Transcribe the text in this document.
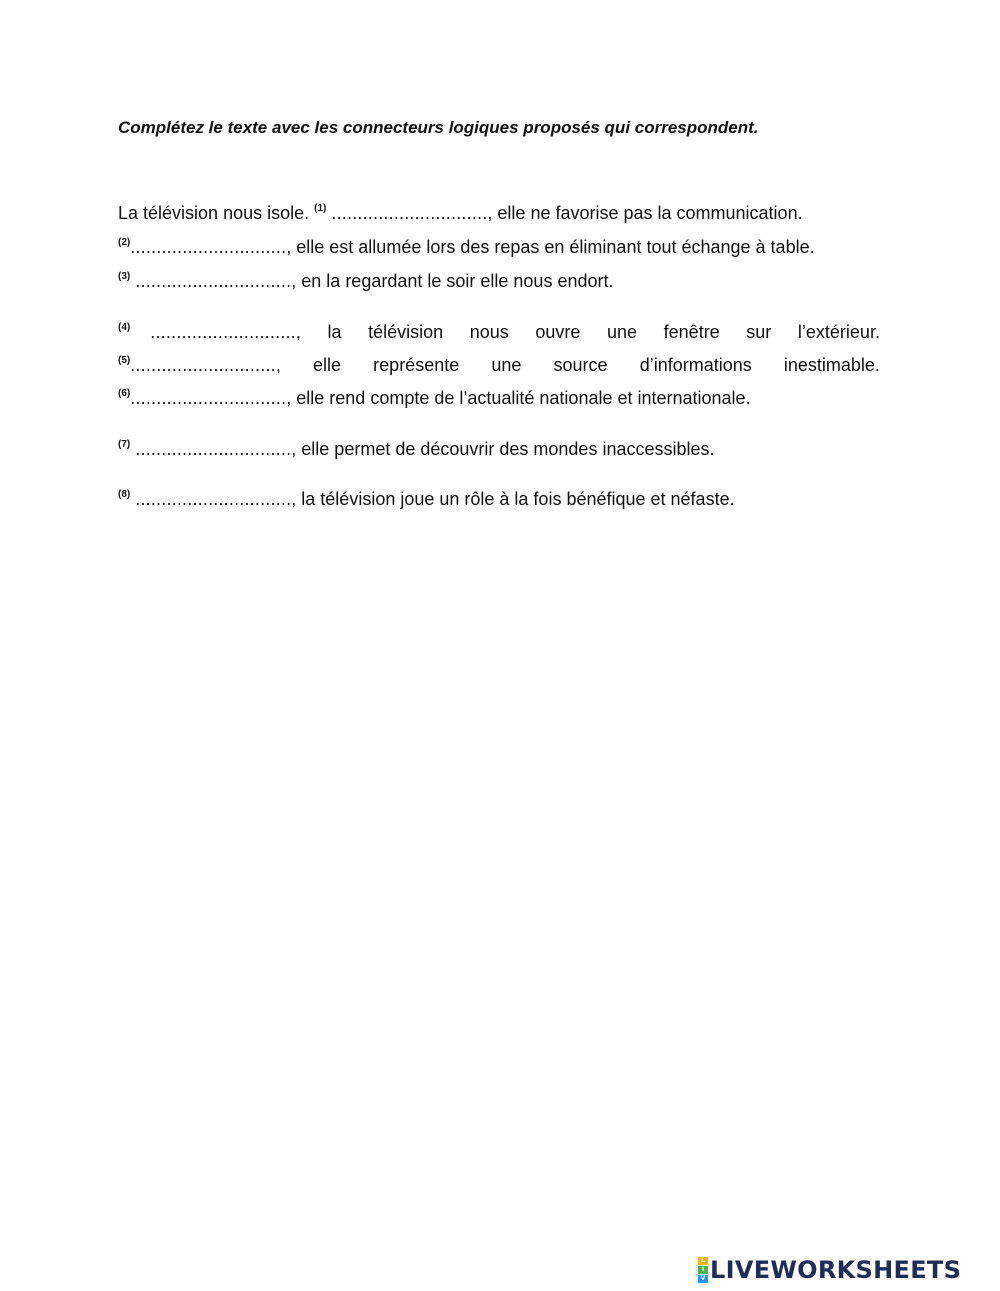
Complétez le texte avec les connecteurs logiques proposés qui correspondent.
La télévision nous isole. $^{(1)}$ .............................., elle ne favorise pas la communication.
$^{(2)}$.............................., elle est allumée lors des repas en éliminant tout échange à table.
$^{(3)}$ .............................., en la regardant le soir elle nous endort.
$^{(4)}$ ............................, la télévision nous ouvre une fenêtre sur l’extérieur.
$^{(5)}$............................, elle représente une source d’informations inestimable.
$^{(6)}$.............................., elle rend compte de l’actualité nationale et internationale.
$^{(7)}$ .............................., elle permet de découvrir des mondes inaccessibles.
$^{(8)}$ .............................., la télévision joue un rôle à la fois bénéfique et néfaste.
L
I
V LIVEWORKSHEETS
